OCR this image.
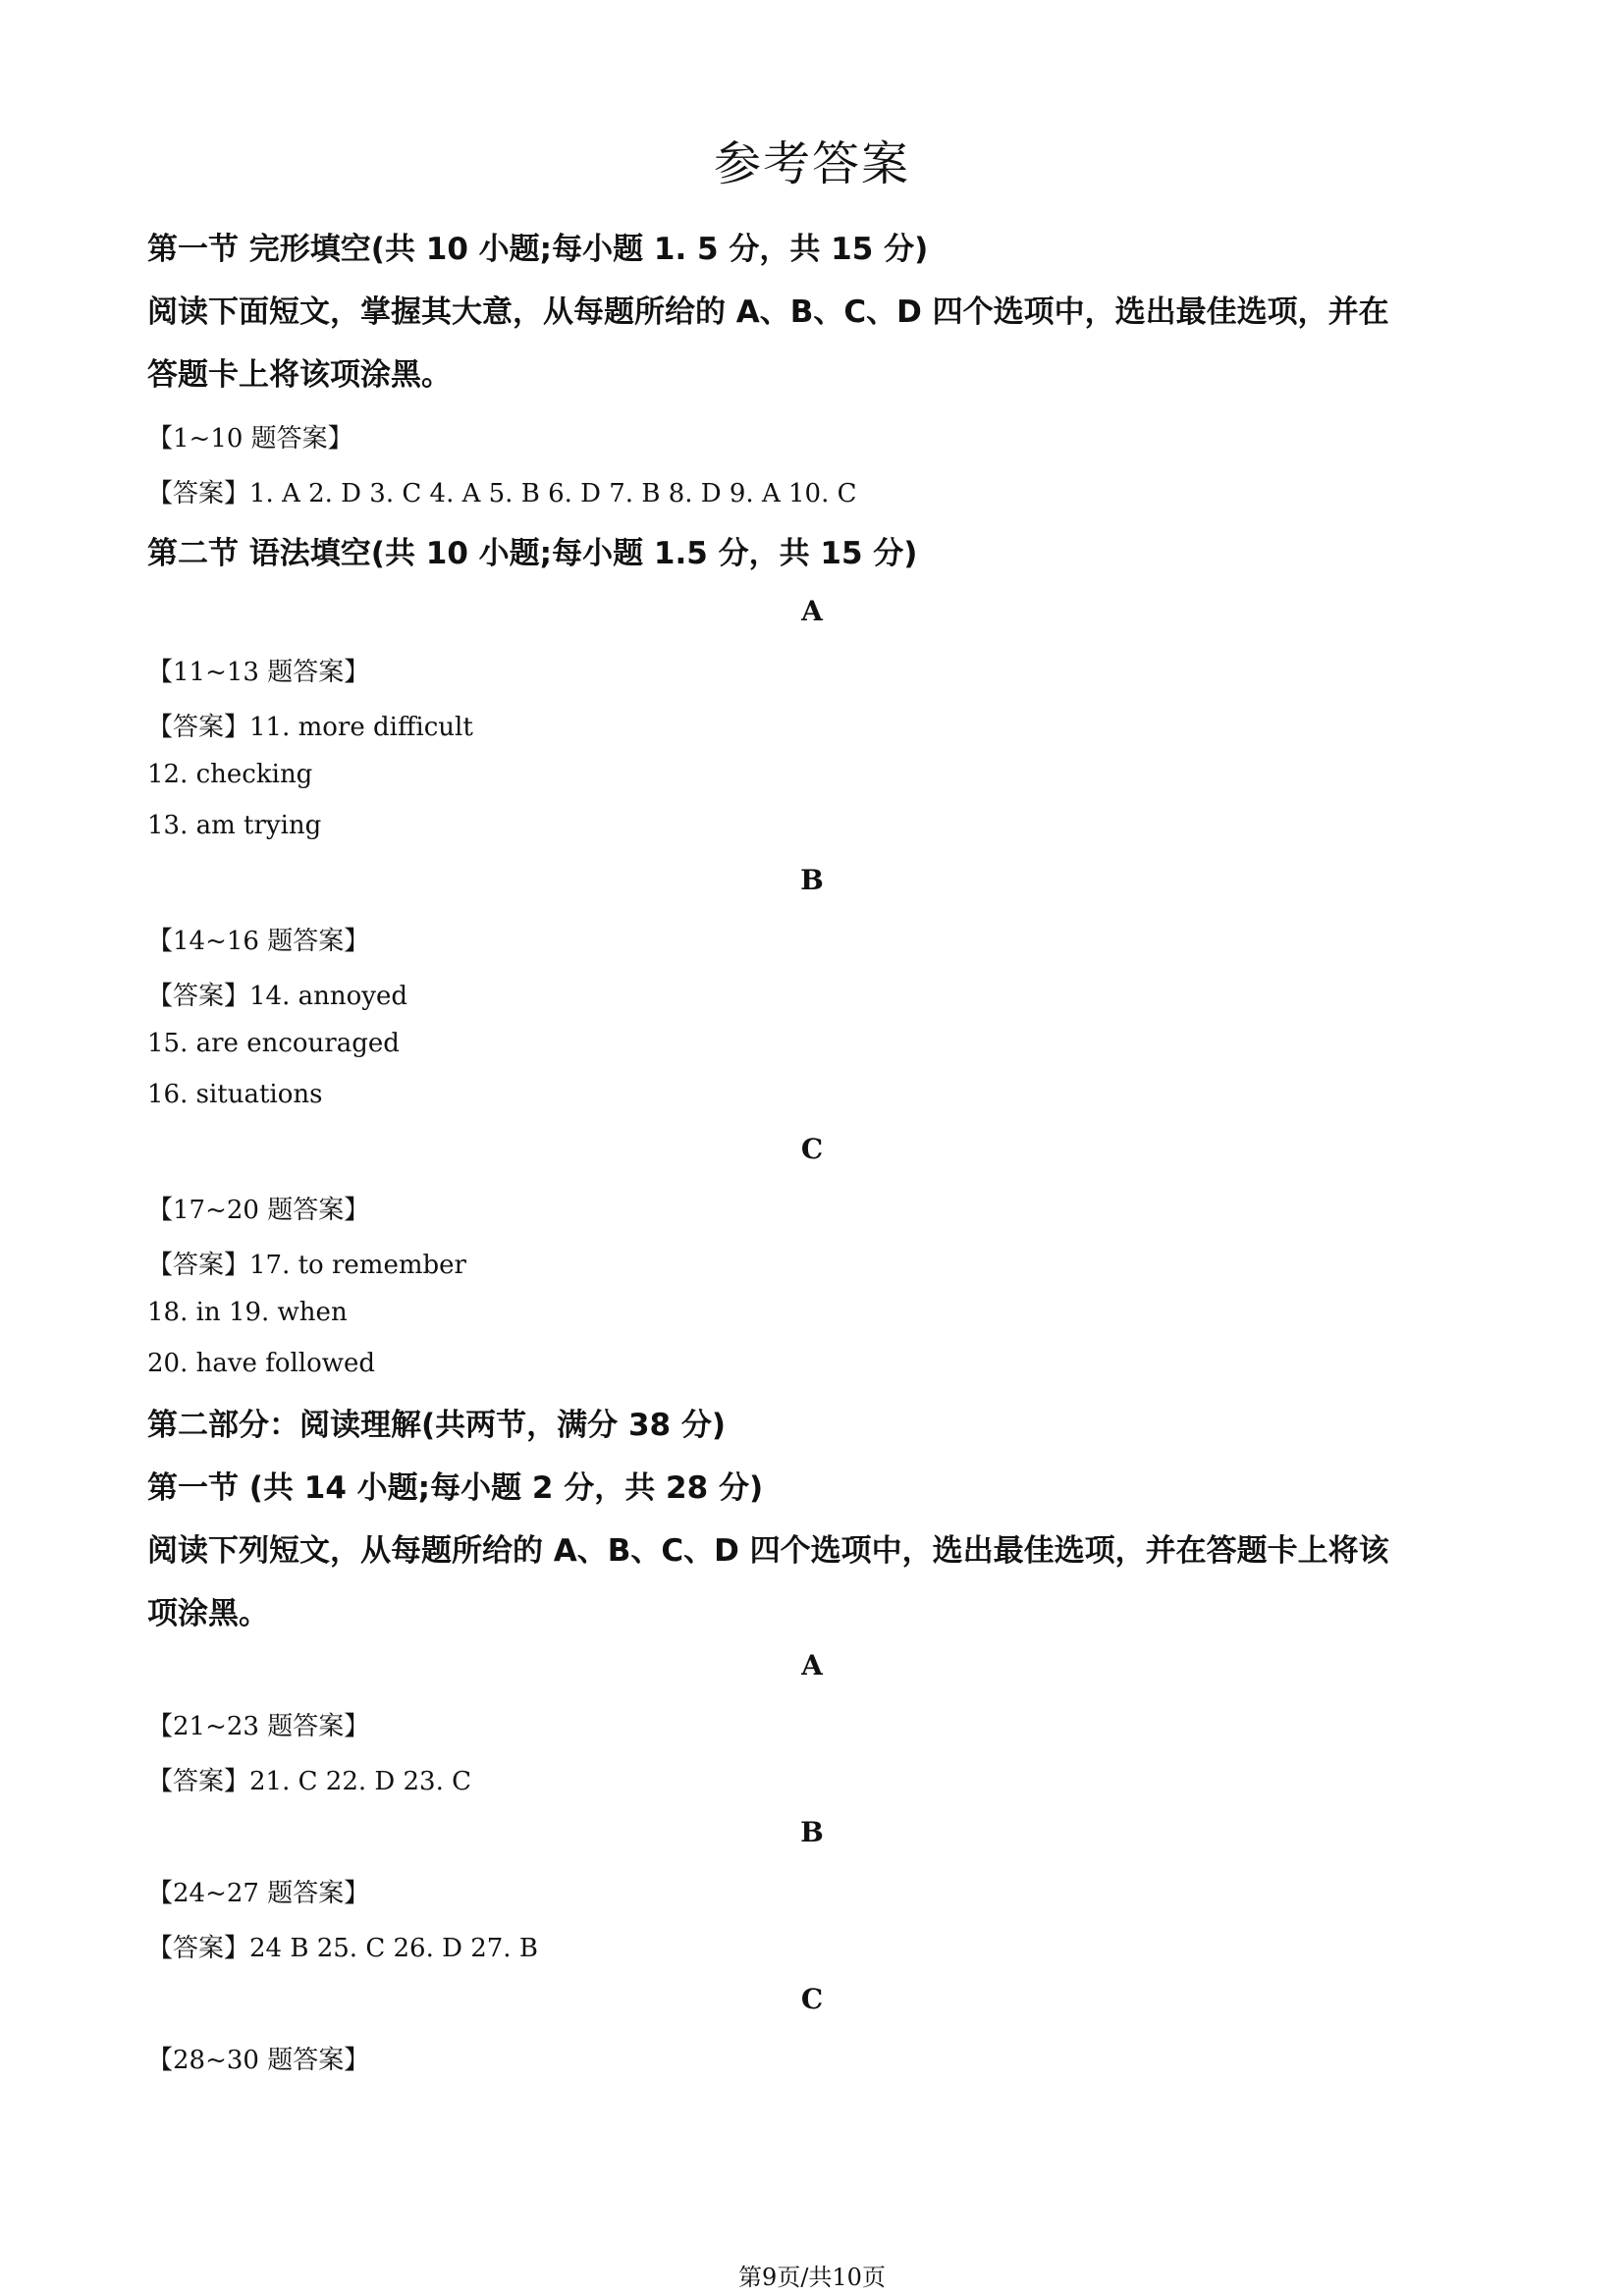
参考答案
第一节 完形填空(共 10 小题;每小题 1. 5 分，共 15 分)
阅读下面短文，掌握其大意，从每题所给的 A、B、C、D 四个选项中，选出最佳选项，并在
答题卡上将该项涂黑。
【1~10 题答案】
【答案】1. A 2. D 3. C 4. A 5. B 6. D 7. B 8. D 9. A 10. C
第二节 语法填空(共 10 小题;每小题 1.5 分，共 15 分)
A
【11~13 题答案】
【答案】11. more difficult
12. checking
13. am trying
B
【14~16 题答案】
【答案】14. annoyed
15. are encouraged
16. situations
C
【17~20 题答案】
【答案】17. to remember
18. in 19. when
20. have followed
第二部分：阅读理解(共两节，满分 38 分)
第一节 (共 14 小题;每小题 2 分，共 28 分)
阅读下列短文，从每题所给的 A、B、C、D 四个选项中，选出最佳选项，并在答题卡上将该
项涂黑。
A
【21~23 题答案】
【答案】21. C 22. D 23. C
B
【24~27 题答案】
【答案】24 B 25. C 26. D 27. B
C
【28~30 题答案】
第9页/共10页
